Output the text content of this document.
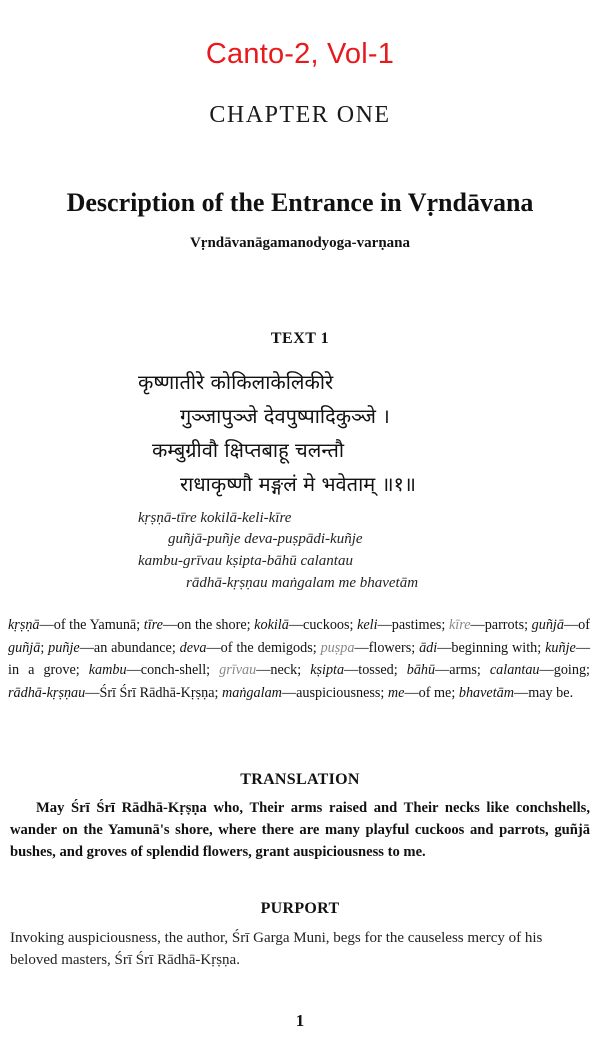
Canto-2, Vol-1
CHAPTER ONE
Description of the Entrance in Vṛndāvana
Vṛndāvanāgamanodyoga-varṇana
TEXT 1
कृष्णातीरे कोकिलाकेलिकीरे
गुञ्जापुञ्जे देवपुष्पादिकुञ्जे ।
कम्बुग्रीवौ क्षिप्तबाहू चलन्तौ
राधाकृष्णौ मङ्गलं मे भवेताम् ॥१॥
kṛṣṇā-tīre kokilā-keli-kīre
guñjā-puñje deva-puṣpādi-kuñje
kambu-grīvau kṣipta-bāhū calantau
rādhā-kṛṣṇau maṅgalam me bhavetām
kṛṣṇā—of the Yamunā; tīre—on the shore; kokilā—cuckoos; keli—pastimes; kīre—parrots; guñjā—of guñjā; puñje—an abundance; deva—of the demigods; puṣpa—flowers; ādi—beginning with; kuñje—in a grove; kambu—conch-shell; grīvau—neck; kṣipta—tossed; bāhū—arms; calantau—going; rādhā-kṛṣṇau—Śrī Śrī Rādhā-Kṛṣṇa; maṅgalam—auspiciousness; me—of me; bhavetām—may be.
TRANSLATION
May Śrī Śrī Rādhā-Kṛṣṇa who, Their arms raised and Their necks like conchshells, wander on the Yamunā's shore, where there are many playful cuckoos and parrots, guñjā bushes, and groves of splendid flowers, grant auspiciousness to me.
PURPORT
Invoking auspiciousness, the author, Śrī Garga Muni, begs for the causeless mercy of his beloved masters, Śrī Śrī Rādhā-Kṛṣṇa.
1
